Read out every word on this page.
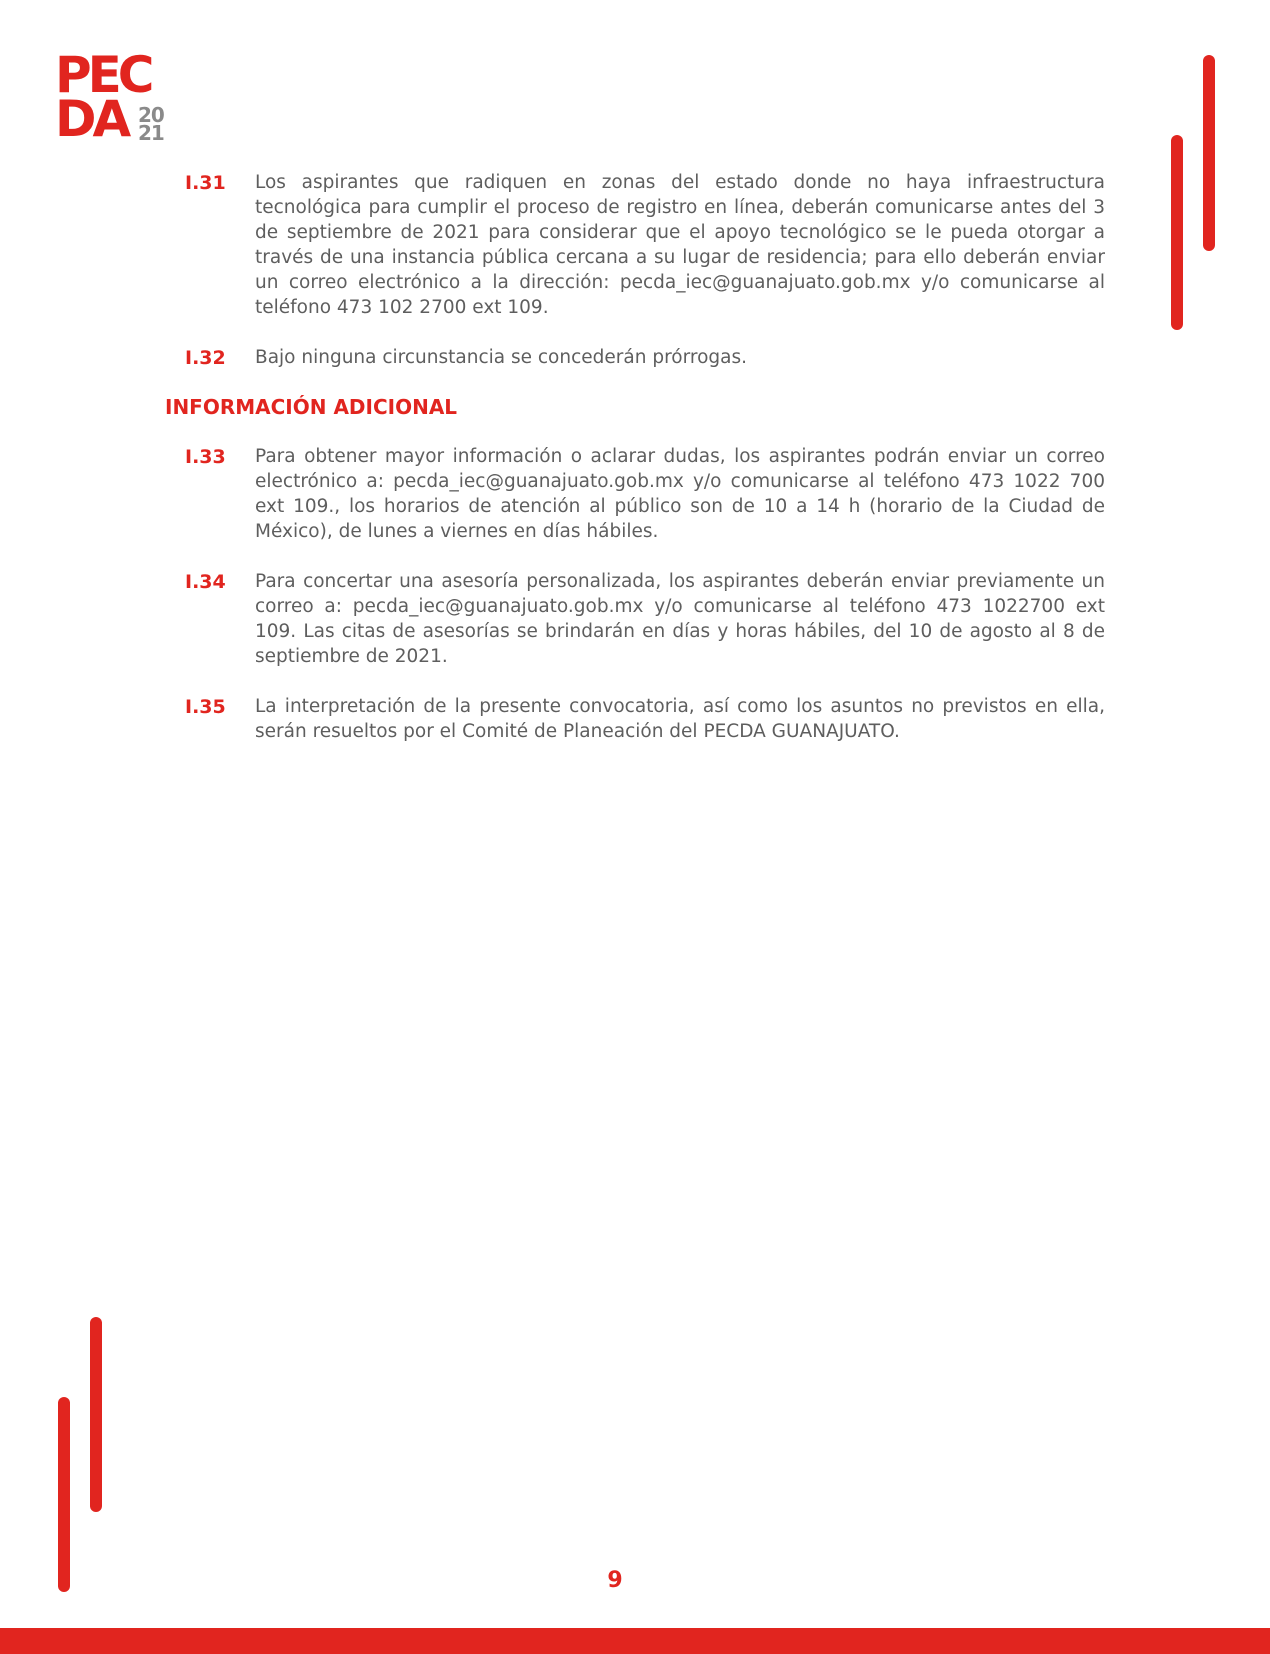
PEC
DA 20
21
I.31 Los aspirantes que radiquen en zonas del estado donde no haya infraestructura tecnológica para cumplir el proceso de registro en línea, deberán comunicarse antes del 3 de septiembre de 2021 para considerar que el apoyo tecnológico se le pueda otorgar a través de una instancia pública cercana a su lugar de residencia; para ello deberán enviar un correo electrónico a la dirección: pecda_iec@guanajuato.gob.mx y/o comunicarse al teléfono 473 102 2700 ext 109.

I.32 Bajo ninguna circunstancia se concederán prórrogas.

INFORMACIÓN ADICIONAL
I.33 Para obtener mayor información o aclarar dudas, los aspirantes podrán enviar un correo electrónico a: pecda_iec@guanajuato.gob.mx y/o comunicarse al teléfono 473 1022 700 ext 109., los horarios de atención al público son de 10 a 14 h (horario de la Ciudad de México), de lunes a viernes en días hábiles.

I.34 Para concertar una asesoría personalizada, los aspirantes deberán enviar previamente un correo a: pecda_iec@guanajuato.gob.mx y/o comunicarse al teléfono 473 1022700 ext 109. Las citas de asesorías se brindarán en días y horas hábiles, del 10 de agosto al 8 de septiembre de 2021.

I.35 La interpretación de la presente convocatoria, así como los asuntos no previstos en ella, serán resueltos por el Comité de Planeación del PECDA GUANAJUATO.

9
